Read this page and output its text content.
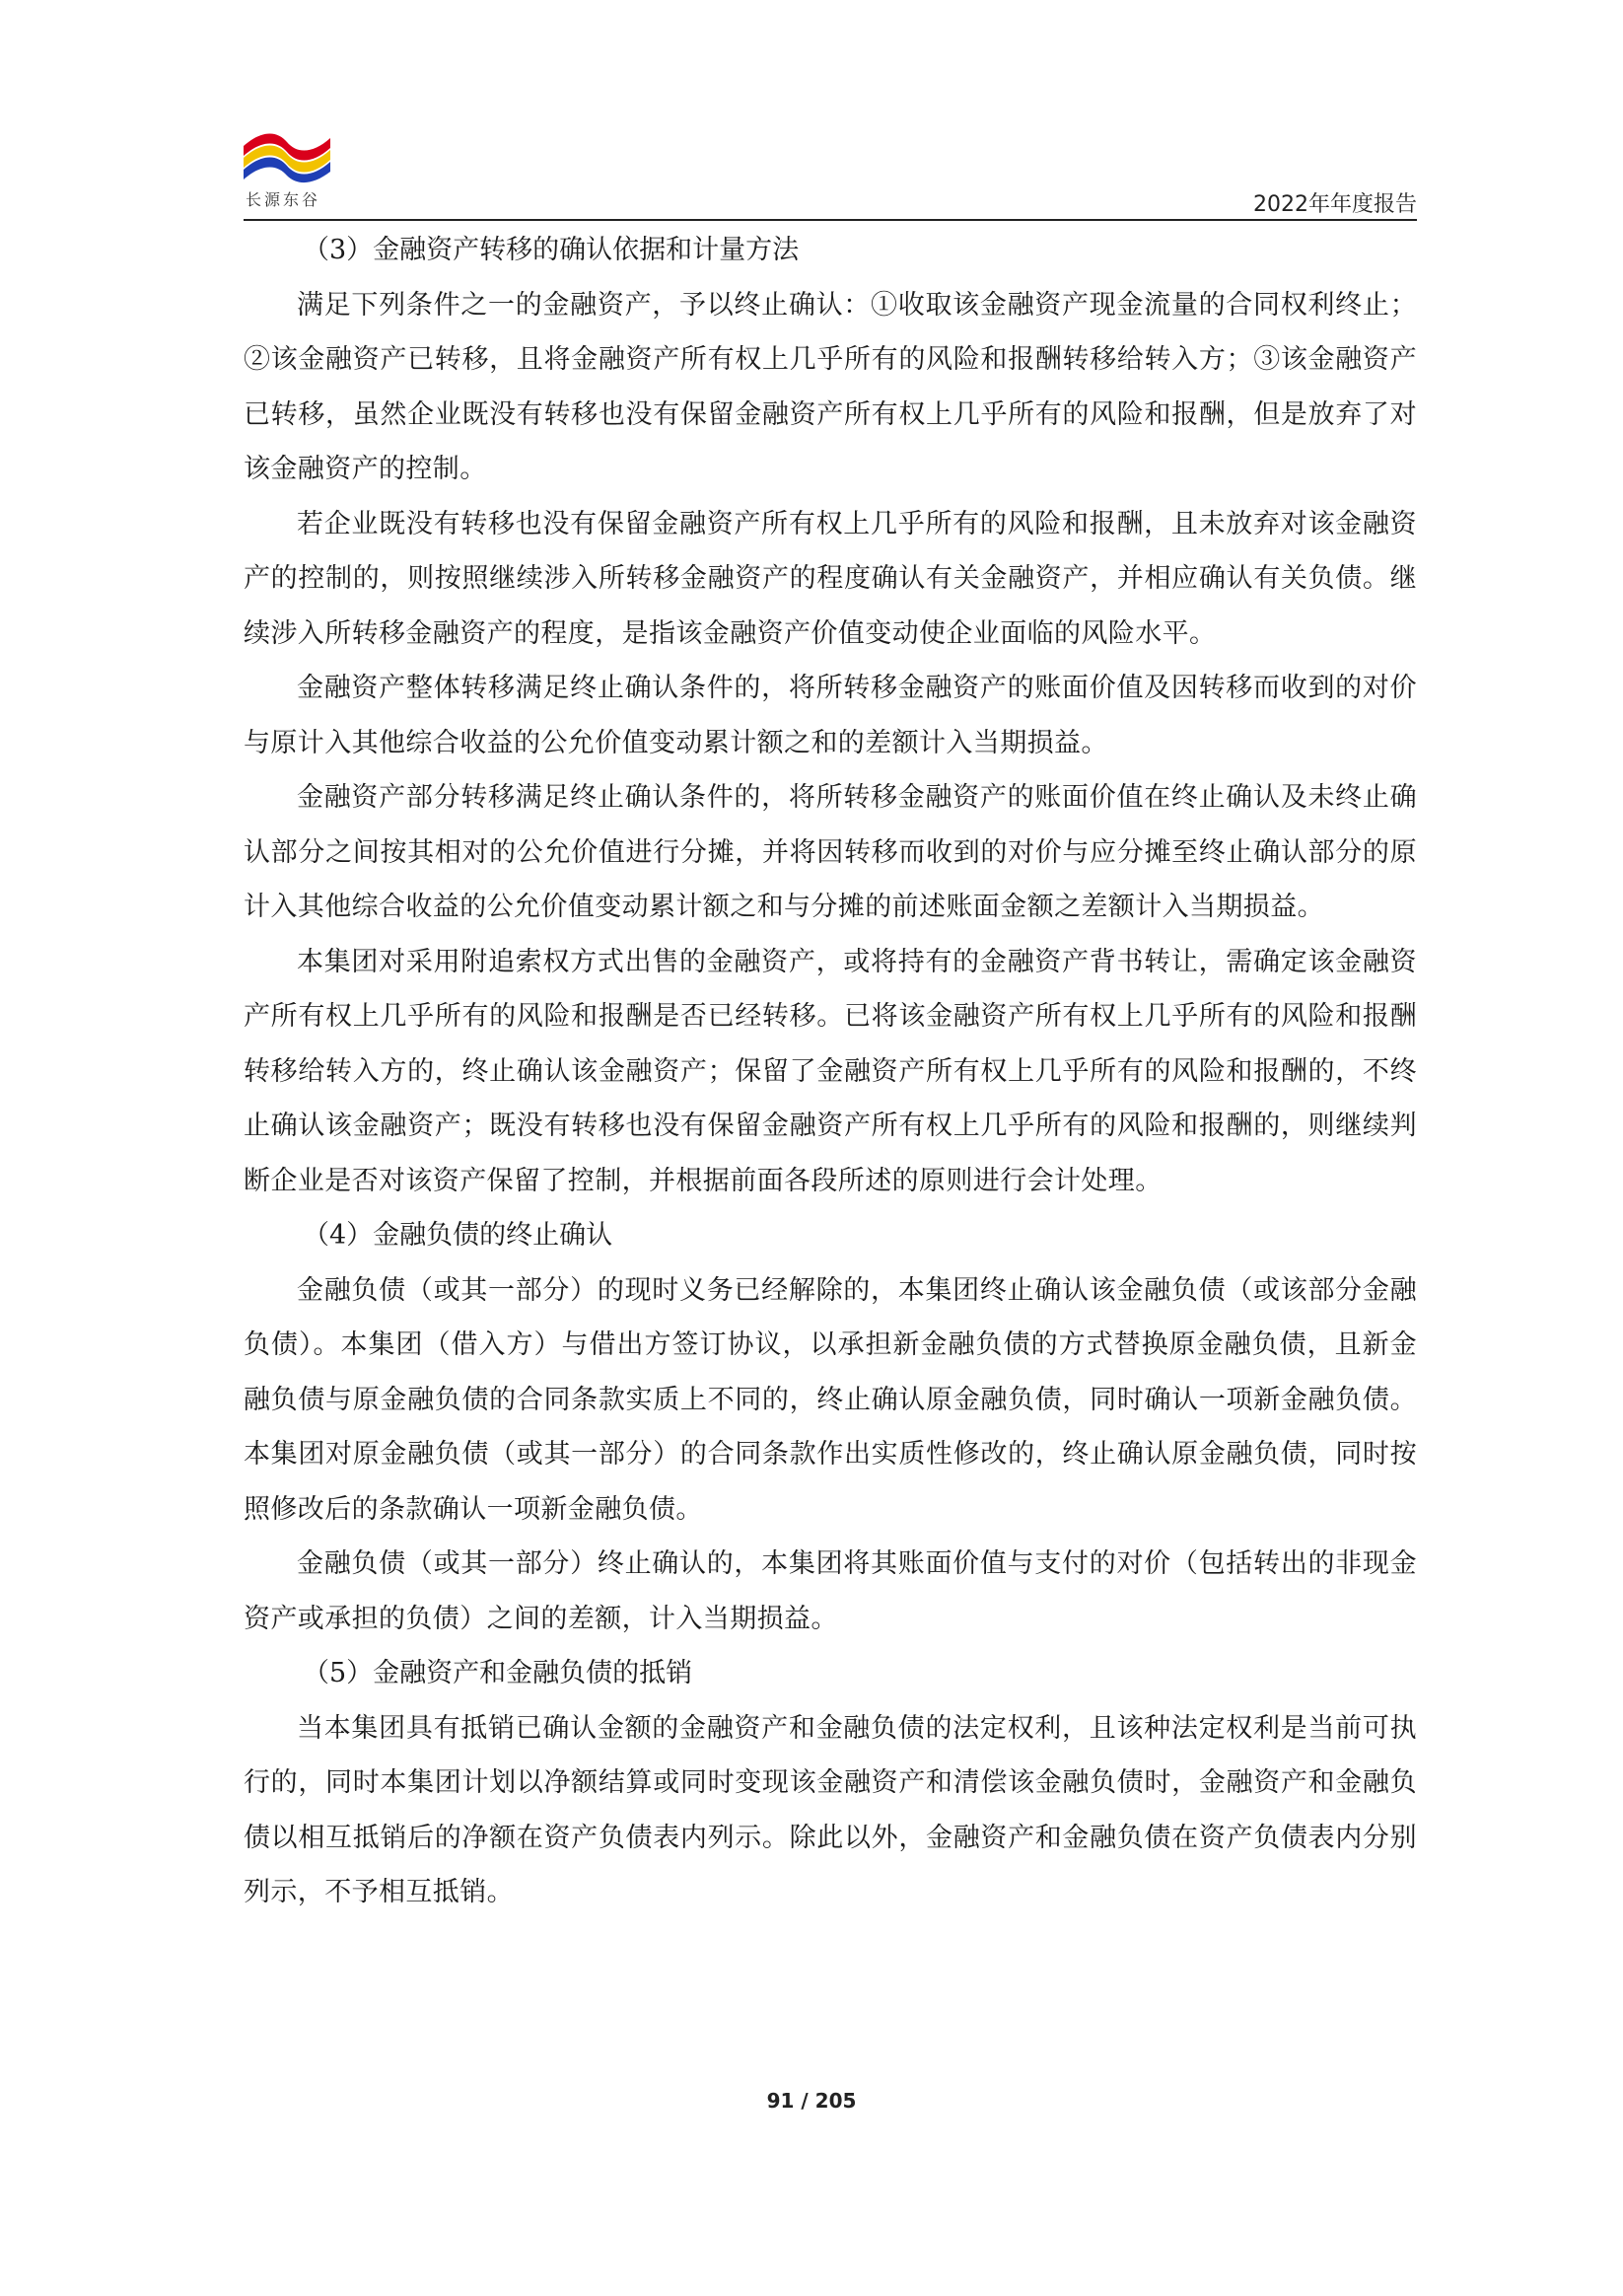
长源东谷	2022年年度报告

（3）金融资产转移的确认依据和计量方法

满足下列条件之一的金融资产，予以终止确认：①收取该金融资产现金流量的合同权利终止；②该金融资产已转移，且将金融资产所有权上几乎所有的风险和报酬转移给转入方；③该金融资产已转移，虽然企业既没有转移也没有保留金融资产所有权上几乎所有的风险和报酬，但是放弃了对该金融资产的控制。

若企业既没有转移也没有保留金融资产所有权上几乎所有的风险和报酬，且未放弃对该金融资产的控制的，则按照继续涉入所转移金融资产的程度确认有关金融资产，并相应确认有关负债。继续涉入所转移金融资产的程度，是指该金融资产价值变动使企业面临的风险水平。

金融资产整体转移满足终止确认条件的，将所转移金融资产的账面价值及因转移而收到的对价与原计入其他综合收益的公允价值变动累计额之和的差额计入当期损益。

金融资产部分转移满足终止确认条件的，将所转移金融资产的账面价值在终止确认及未终止确认部分之间按其相对的公允价值进行分摊，并将因转移而收到的对价与应分摊至终止确认部分的原计入其他综合收益的公允价值变动累计额之和与分摊的前述账面金额之差额计入当期损益。

本集团对采用附追索权方式出售的金融资产，或将持有的金融资产背书转让，需确定该金融资产所有权上几乎所有的风险和报酬是否已经转移。已将该金融资产所有权上几乎所有的风险和报酬转移给转入方的，终止确认该金融资产；保留了金融资产所有权上几乎所有的风险和报酬的，不终止确认该金融资产；既没有转移也没有保留金融资产所有权上几乎所有的风险和报酬的，则继续判断企业是否对该资产保留了控制，并根据前面各段所述的原则进行会计处理。

（4）金融负债的终止确认

金融负债（或其一部分）的现时义务已经解除的，本集团终止确认该金融负债（或该部分金融负债）。本集团（借入方）与借出方签订协议，以承担新金融负债的方式替换原金融负债，且新金融负债与原金融负债的合同条款实质上不同的，终止确认原金融负债，同时确认一项新金融负债。本集团对原金融负债（或其一部分）的合同条款作出实质性修改的，终止确认原金融负债，同时按照修改后的条款确认一项新金融负债。

金融负债（或其一部分）终止确认的，本集团将其账面价值与支付的对价（包括转出的非现金资产或承担的负债）之间的差额，计入当期损益。

（5）金融资产和金融负债的抵销

当本集团具有抵销已确认金额的金融资产和金融负债的法定权利，且该种法定权利是当前可执行的，同时本集团计划以净额结算或同时变现该金融资产和清偿该金融负债时，金融资产和金融负债以相互抵销后的净额在资产负债表内列示。除此以外，金融资产和金融负债在资产负债表内分别列示，不予相互抵销。

91 / 205
